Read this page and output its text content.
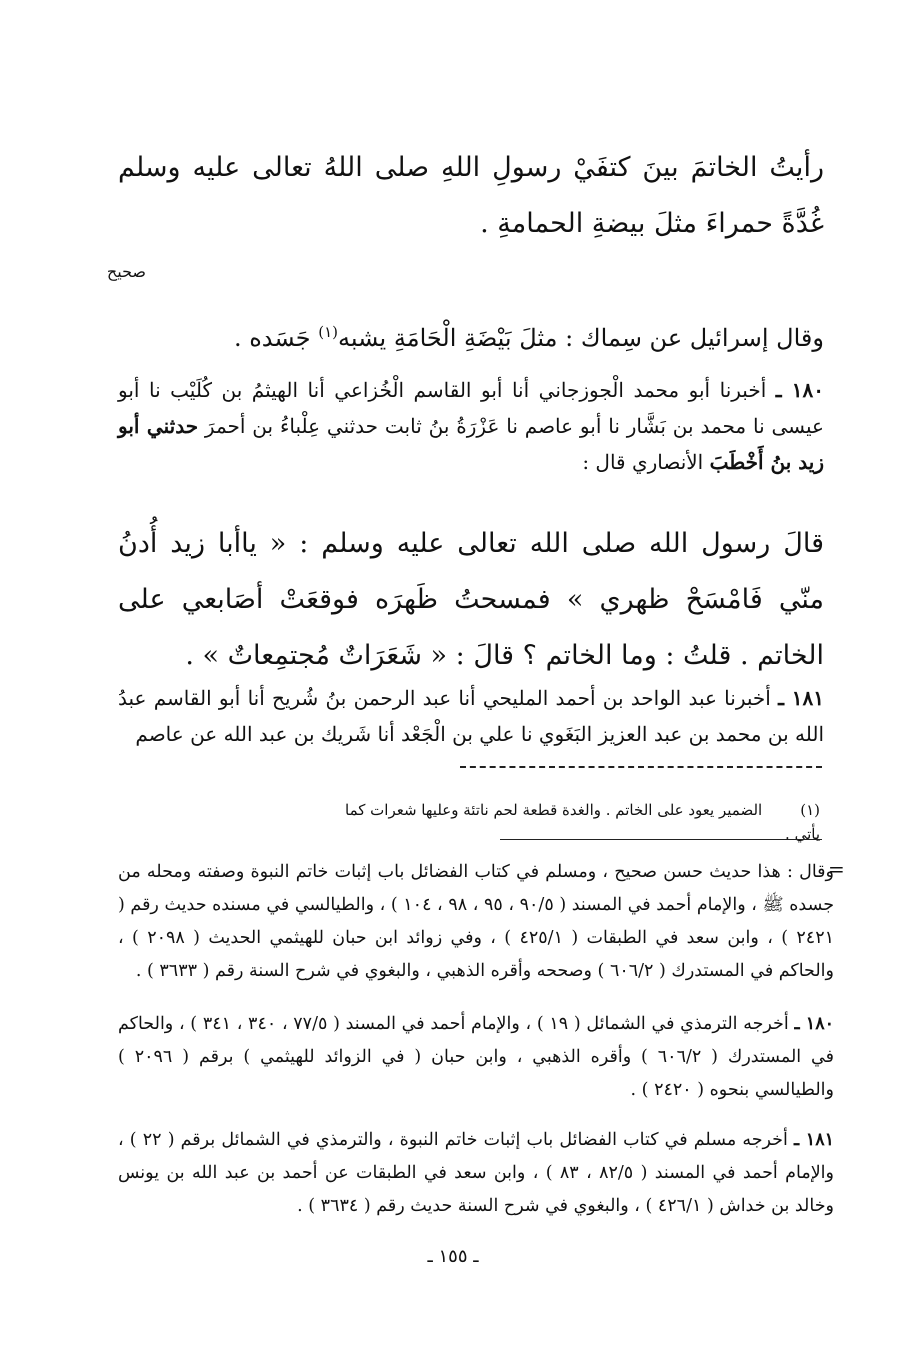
رأيتُ الخاتمَ بينَ كتفَيْ رسولِ اللهِ صلى اللهُ تعالى عليه وسلم غُدَّةً حمراءَ مثلَ بيضةِ الحمامةِ .
صحيح
وقال إسرائيل عن سِماك : مثلَ بَيْضَةِ الْحَامَةِ يشبه$^{(١)}$ جَسَده .
١٨٠ ـ أخبرنا أبو محمد الْجوزجاني أنا أبو القاسم الْخُزاعي أنا الهيثمُ بن كُلَيْب نا أبو عيسى نا محمد بن بَشَّار نا أبو عاصم نا عَزْرَةُ بنُ ثابت حدثني عِلْباءُ بن أحمرَ حدثني أبو زيد بنُ أَخْطَبَ الأنصاري قال :
قالَ رسول الله صلى الله تعالى عليه وسلم : « ياأبا زيد أُدنُ منّي فَامْسَحْ ظهري » فمسحتُ ظَهرَه فوقعَتْ أصَابعي على الخاتم . قلتُ : وما الخاتم ؟ قالَ : « شَعَرَاتٌ مُجتمِعاتٌ » .
١٨١ ـ أخبرنا عبد الواحد بن أحمد المليحي أنا عبد الرحمن بنُ شُريح أنا أبو القاسم عبدُ الله بن محمد بن عبد العزيز البَغَوي نا علي بن الْجَعْد أنا شَريك بن عبد الله عن عاصم
(١)الضمير يعود على الخاتم . والغدة قطعة لحم ناتئة وعليها شعرات كما يأتي .
=
وقال : هذا حديث حسن صحيح ، ومسلم في كتاب الفضائل باب إثبات خاتم النبوة وصفته ومحله من جسده ﷺ ، والإمام أحمد في المسند ( ٩٠/٥ ، ٩٥ ، ٩٨ ، ١٠٤ ) ، والطيالسي في مسنده حديث رقم ( ٢٤٢١ ) ، وابن سعد في الطبقات ( ٤٢٥/١ ) ، وفي زوائد ابن حبان للهيثمي الحديث ( ٢٠٩٨ ) ، والحاكم في المستدرك ( ٦٠٦/٢ ) وصححه وأقره الذهبي ، والبغوي في شرح السنة رقم ( ٣٦٣٣ ) .
١٨٠ ـ أخرجه الترمذي في الشمائل ( ١٩ ) ، والإمام أحمد في المسند ( ٧٧/٥ ، ٣٤٠ ، ٣٤١ ) ، والحاكم في المستدرك ( ٦٠٦/٢ ) وأقره الذهبي ، وابن حبان ( في الزوائد للهيثمي ) برقم ( ٢٠٩٦ ) والطيالسي بنحوه ( ٢٤٢٠ ) .
١٨١ ـ أخرجه مسلم في كتاب الفضائل باب إثبات خاتم النبوة ، والترمذي في الشمائل برقم ( ٢٢ ) ، والإمام أحمد في المسند ( ٨٢/٥ ، ٨٣ ) ، وابن سعد في الطبقات عن أحمد بن عبد الله بن يونس وخالد بن خداش ( ٤٢٦/١ ) ، والبغوي في شرح السنة حديث رقم ( ٣٦٣٤ ) .
ـ ١٥٥ ـ
